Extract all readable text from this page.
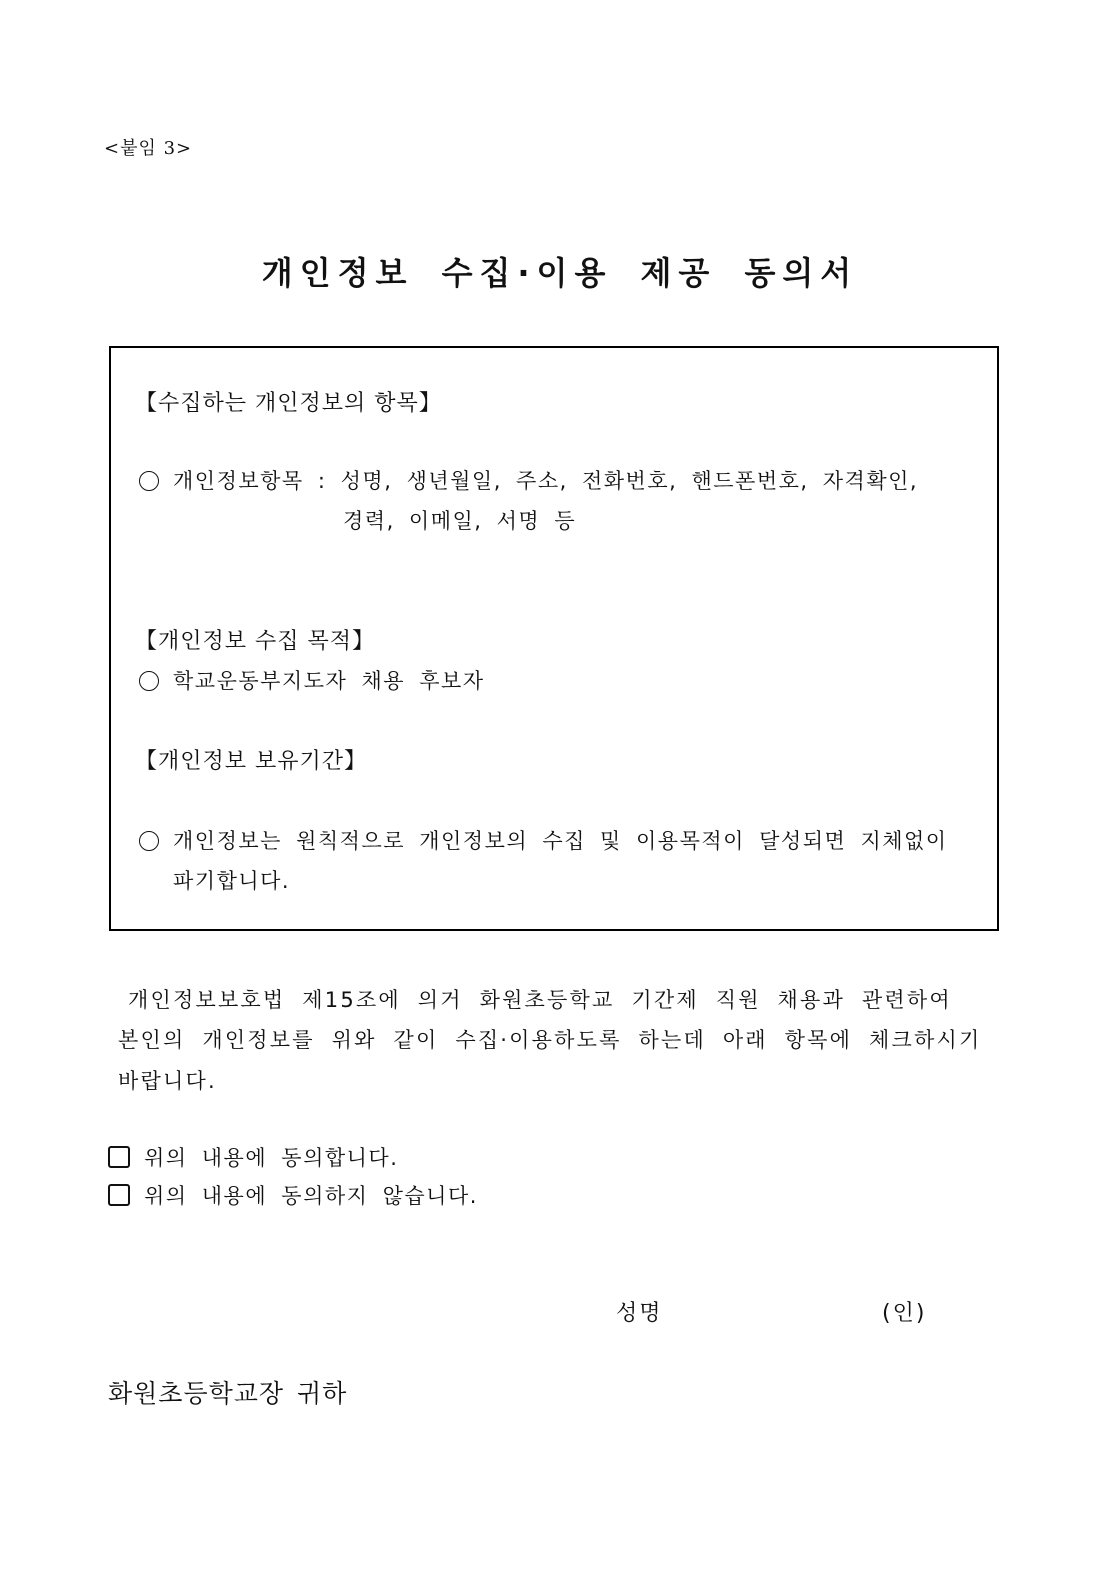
<붙임 3>
개인정보 수집·이용 제공 동의서
【수집하는 개인정보의 항목】
개인정보항목 : 성명, 생년월일, 주소, 전화번호, 핸드폰번호, 자격확인,
경력, 이메일, 서명 등
【개인정보 수집 목적】
학교운동부지도자 채용 후보자
【개인정보 보유기간】
개인정보는 원칙적으로 개인정보의 수집 및 이용목적이 달성되면 지체없이
파기합니다.
개인정보보호법 제15조에 의거 화원초등학교 기간제 직원 채용과 관련하여
본인의 개인정보를 위와 같이 수집·이용하도록 하는데 아래 항목에 체크하시기
바랍니다.
위의 내용에 동의합니다.
위의 내용에 동의하지 않습니다.
성명	(인)
화원초등학교장 귀하
